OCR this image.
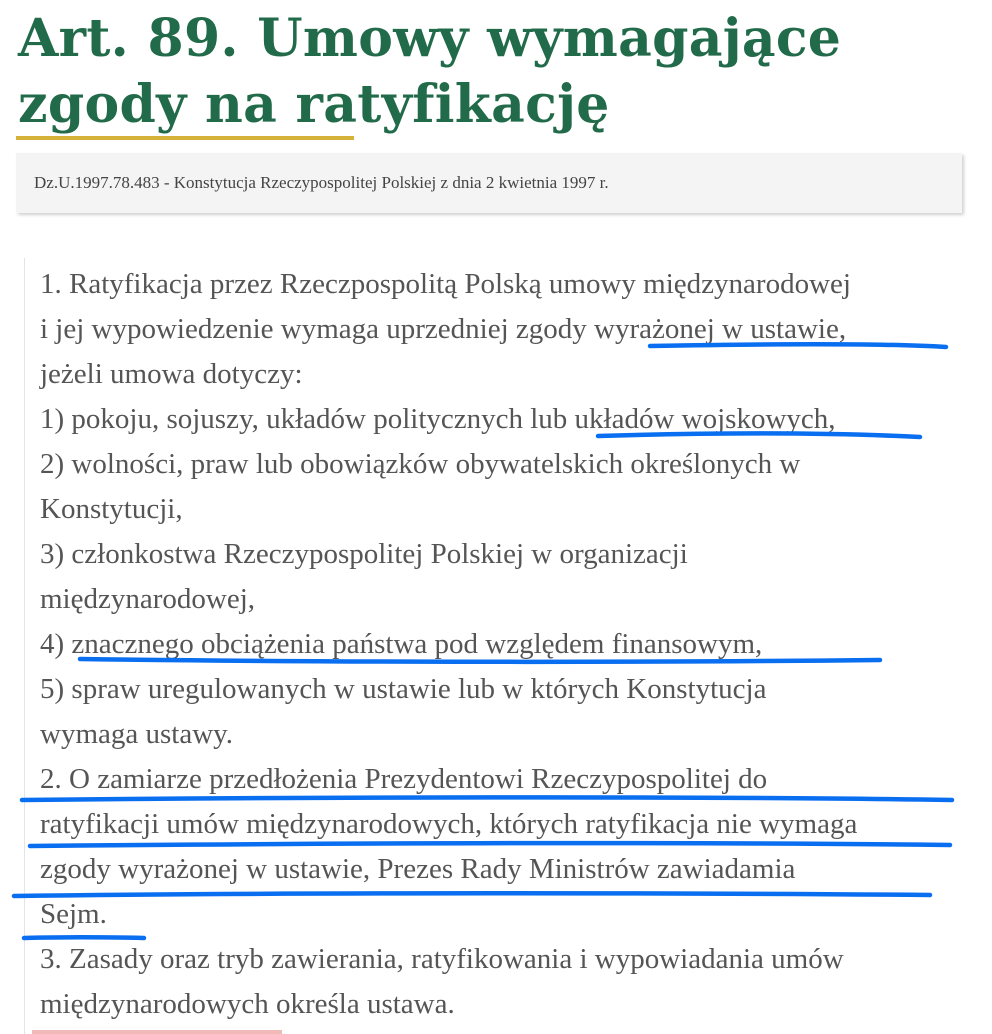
Art. 89. Umowy wymagające zgody na ratyfikację
Dz.U.1997.78.483 - Konstytucja Rzeczypospolitej Polskiej z dnia 2 kwietnia 1997 r.
1. Ratyfikacja przez Rzeczpospolitą Polską umowy międzynarodowej
i jej wypowiedzenie wymaga uprzedniej zgody wyrażonej w ustawie,
jeżeli umowa dotyczy:
1) pokoju, sojuszy, układów politycznych lub układów wojskowych,
2) wolności, praw lub obowiązków obywatelskich określonych w
Konstytucji,
3) członkostwa Rzeczypospolitej Polskiej w organizacji
międzynarodowej,
4) znacznego obciążenia państwa pod względem finansowym,
5) spraw uregulowanych w ustawie lub w których Konstytucja
wymaga ustawy.
2. O zamiarze przedłożenia Prezydentowi Rzeczypospolitej do
ratyfikacji umów międzynarodowych, których ratyfikacja nie wymaga
zgody wyrażonej w ustawie, Prezes Rady Ministrów zawiadamia
Sejm.
3. Zasady oraz tryb zawierania, ratyfikowania i wypowiadania umów
międzynarodowych określa ustawa.
